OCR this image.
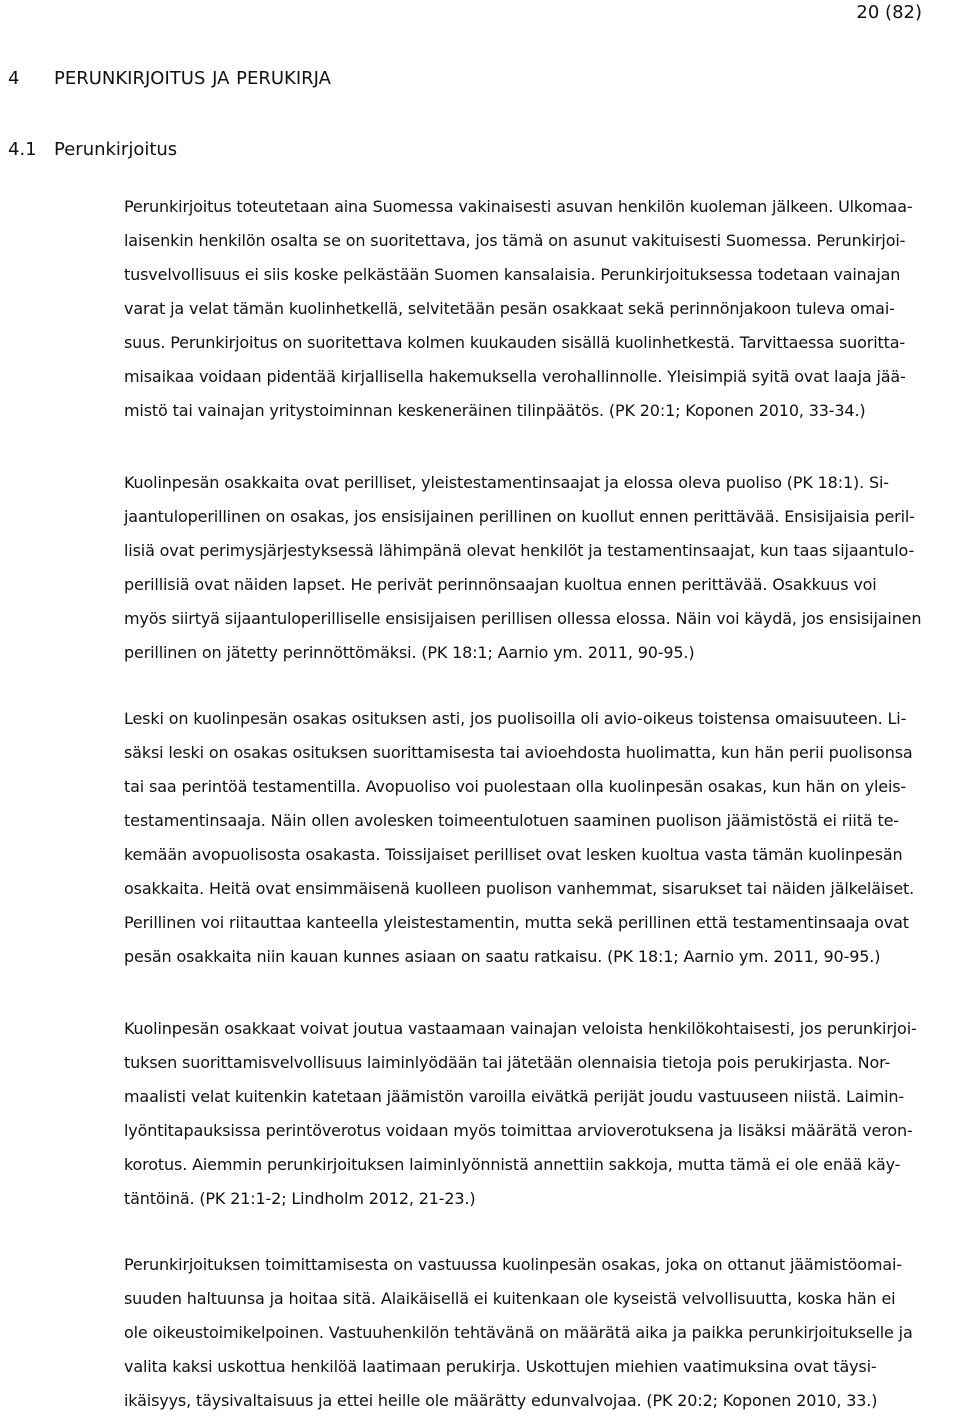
20 (82)
4 PERUNKIRJOITUS JA PERUKIRJA
4.1 Perunkirjoitus
Perunkirjoitus toteutetaan aina Suomessa vakinaisesti asuvan henkilön kuoleman jälkeen. Ulkomaa-
laisenkin henkilön osalta se on suoritettava, jos tämä on asunut vakituisesti Suomessa. Perunkirjoi-
tusvelvollisuus ei siis koske pelkästään Suomen kansalaisia. Perunkirjoituksessa todetaan vainajan
varat ja velat tämän kuolinhetkellä, selvitetään pesän osakkaat sekä perinnönjakoon tuleva omai-
suus. Perunkirjoitus on suoritettava kolmen kuukauden sisällä kuolinhetkestä. Tarvittaessa suoritta-
misaikaa voidaan pidentää kirjallisella hakemuksella verohallinnolle. Yleisimpiä syitä ovat laaja jää-
mistö tai vainajan yritystoiminnan keskeneräinen tilinpäätös. (PK 20:1; Koponen 2010, 33-34.)
Kuolinpesän osakkaita ovat perilliset, yleistestamentinsaajat ja elossa oleva puoliso (PK 18:1). Si-
jaantuloperillinen on osakas, jos ensisijainen perillinen on kuollut ennen perittävää. Ensisijaisia peril-
lisiä ovat perimysjärjestyksessä lähimpänä olevat henkilöt ja testamentinsaajat, kun taas sijaantulo-
perillisiä ovat näiden lapset. He perivät perinnönsaajan kuoltua ennen perittävää. Osakkuus voi
myös siirtyä sijaantuloperilliselle ensisijaisen perillisen ollessa elossa. Näin voi käydä, jos ensisijainen
perillinen on jätetty perinnöttömäksi. (PK 18:1; Aarnio ym. 2011, 90-95.)
Leski on kuolinpesän osakas osituksen asti, jos puolisoilla oli avio-oikeus toistensa omaisuuteen. Li-
säksi leski on osakas osituksen suorittamisesta tai avioehdosta huolimatta, kun hän perii puolisonsa
tai saa perintöä testamentilla. Avopuoliso voi puolestaan olla kuolinpesän osakas, kun hän on yleis-
testamentinsaaja. Näin ollen avolesken toimeentulotuen saaminen puolison jäämistöstä ei riitä te-
kemään avopuolisosta osakasta. Toissijaiset perilliset ovat lesken kuoltua vasta tämän kuolinpesän
osakkaita. Heitä ovat ensimmäisenä kuolleen puolison vanhemmat, sisarukset tai näiden jälkeläiset.
Perillinen voi riitauttaa kanteella yleistestamentin, mutta sekä perillinen että testamentinsaaja ovat
pesän osakkaita niin kauan kunnes asiaan on saatu ratkaisu. (PK 18:1; Aarnio ym. 2011, 90-95.)
Kuolinpesän osakkaat voivat joutua vastaamaan vainajan veloista henkilökohtaisesti, jos perunkirjoi-
tuksen suorittamisvelvollisuus laiminlyödään tai jätetään olennaisia tietoja pois perukirjasta. Nor-
maalisti velat kuitenkin katetaan jäämistön varoilla eivätkä perijät joudu vastuuseen niistä. Laimin-
lyöntitapauksissa perintöverotus voidaan myös toimittaa arvioverotuksena ja lisäksi määrätä veron-
korotus. Aiemmin perunkirjoituksen laiminlyönnistä annettiin sakkoja, mutta tämä ei ole enää käy-
täntöinä. (PK 21:1-2; Lindholm 2012, 21-23.)
Perunkirjoituksen toimittamisesta on vastuussa kuolinpesän osakas, joka on ottanut jäämistöomai-
suuden haltuunsa ja hoitaa sitä. Alaikäisellä ei kuitenkaan ole kyseistä velvollisuutta, koska hän ei
ole oikeustoimikelpoinen. Vastuuhenkilön tehtävänä on määrätä aika ja paikka perunkirjoitukselle ja
valita kaksi uskottua henkilöä laatimaan perukirja. Uskottujen miehien vaatimuksina ovat täysi-
ikäisyys, täysivaltaisuus ja ettei heille ole määrätty edunvalvojaa. (PK 20:2; Koponen 2010, 33.)
